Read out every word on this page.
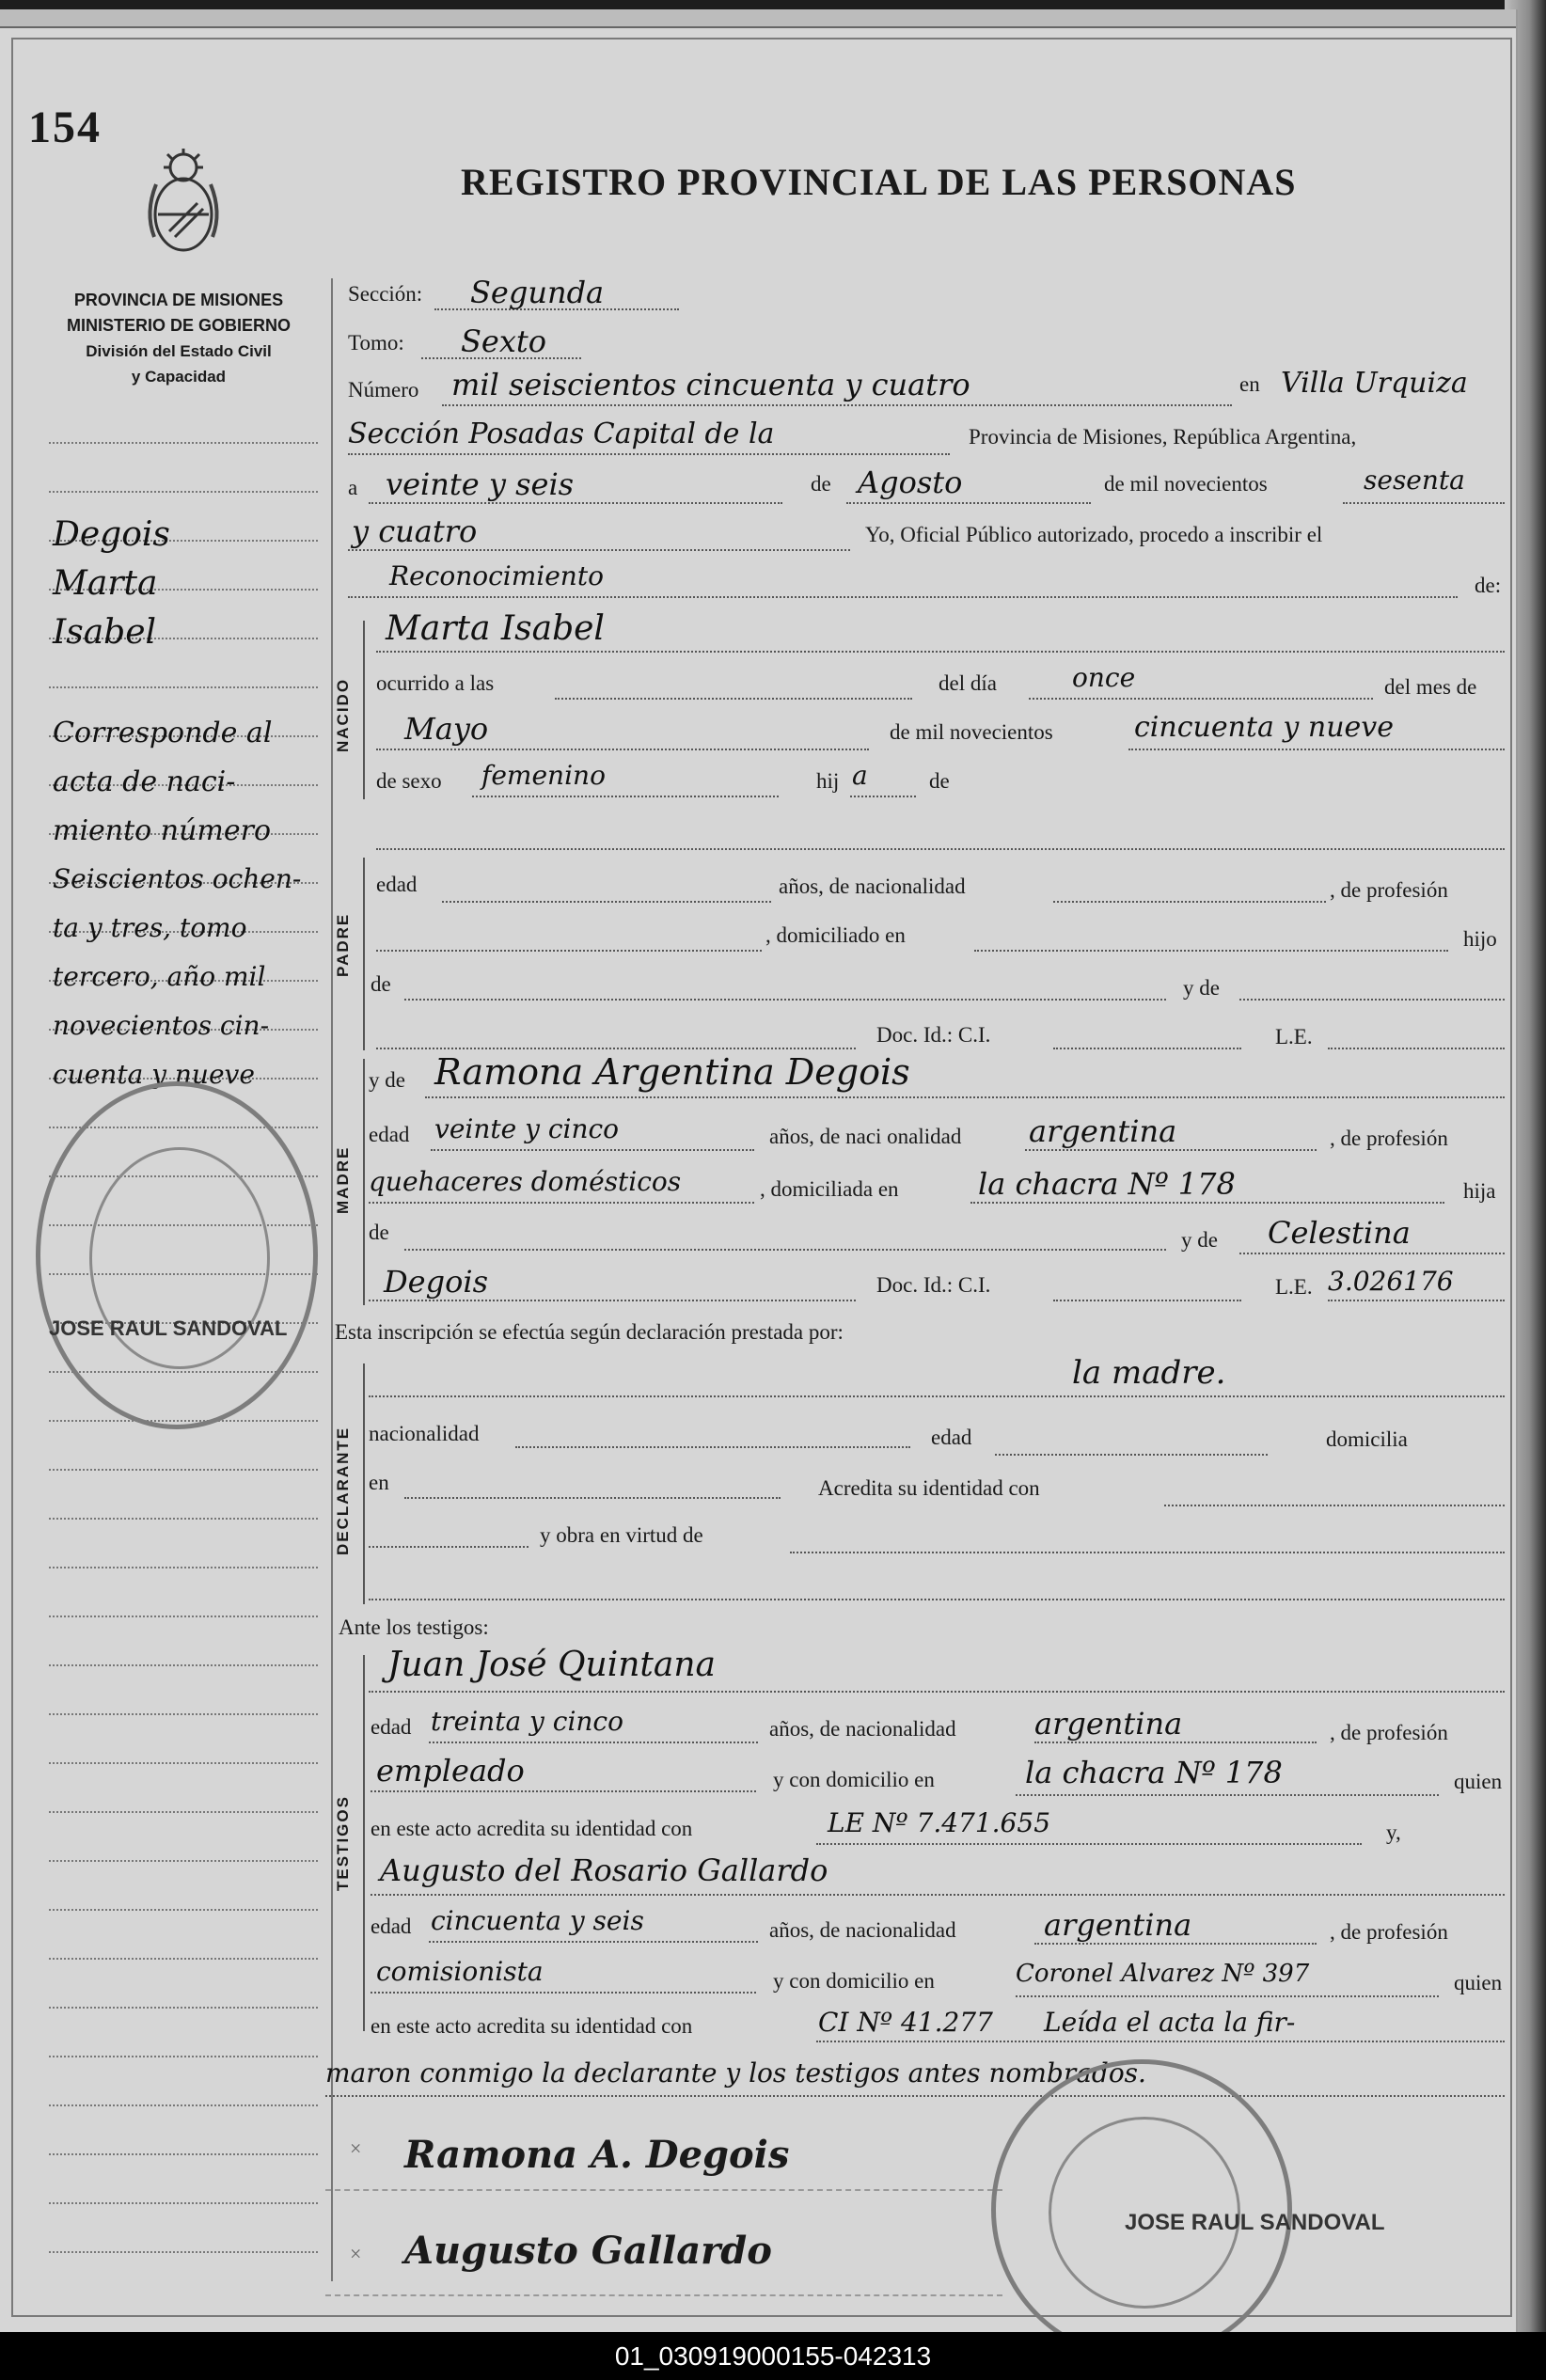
154
REGISTRO PROVINCIAL DE LAS PERSONAS
PROVINCIA DE MISIONES
MINISTERIO DE GOBIERNO
División del Estado Civil
y Capacidad
Degois
Marta
Isabel
Corresponde al
acta de naci-
miento número
Seiscientos ochen-
ta y tres, tomo
tercero, año mil
novecientos cin-
cuenta y nueve
JOSE RAUL SANDOVAL
Sección: Segunda
Tomo: Sexto
Número mil seiscientos cincuenta y cuatro	en Villa Urquiza
Sección Posadas Capital de la	Provincia de Misiones, República Argentina,
a veinte y seis	de Agosto	de mil novecientos	sesenta
y cuatro	Yo, Oficial Público autorizado, procedo a inscribir el
Reconocimiento	de:
NACIDO
Marta Isabel
ocurrido a las	del día	once	del mes de
Mayo	de mil novecientos	cincuenta y nueve
de sexo femenino	hij a	de
PADRE
edad	años, de nacionalidad	, de profesión
, domiciliado en	hijo
de	y de
Doc. Id.: C.I.	L.E.
MADRE
y de Ramona Argentina Degois
edad veinte y cinco	años, de naci onalidad argentina	, de profesión
quehaceres domésticos	, domiciliada en	la chacra Nº 178	hija
de	y de Celestina
Degois	Doc. Id.: C.I.	L.E. 3.026176
Esta inscripción se efectúa según declaración prestada por:
DECLARANTE
la madre.
nacionalidad	edad	domicilia
en	Acredita su identidad con
y obra en virtud de
Ante los testigos:
TESTIGOS
Juan José Quintana
edad treinta y cinco	años, de nacionalidad	argentina	, de profesión
empleado	y con domicilio en	la chacra Nº 178	quien
en este acto acredita su identidad con	LE Nº 7.471.655	y,
Augusto del Rosario Gallardo
edad cincuenta y seis	años, de nacionalidad	argentina	, de profesión
comisionista	y con domicilio en	Coronel Alvarez Nº 397	quien
en este acto acredita su identidad con	CI Nº 41.277 Leída el acta la fir-
maron conmigo la declarante y los testigos antes nombrados.
×
×
Ramona A. Degois
Augusto Gallardo
JOSE RAUL SANDOVAL
01_030919000155-042313
